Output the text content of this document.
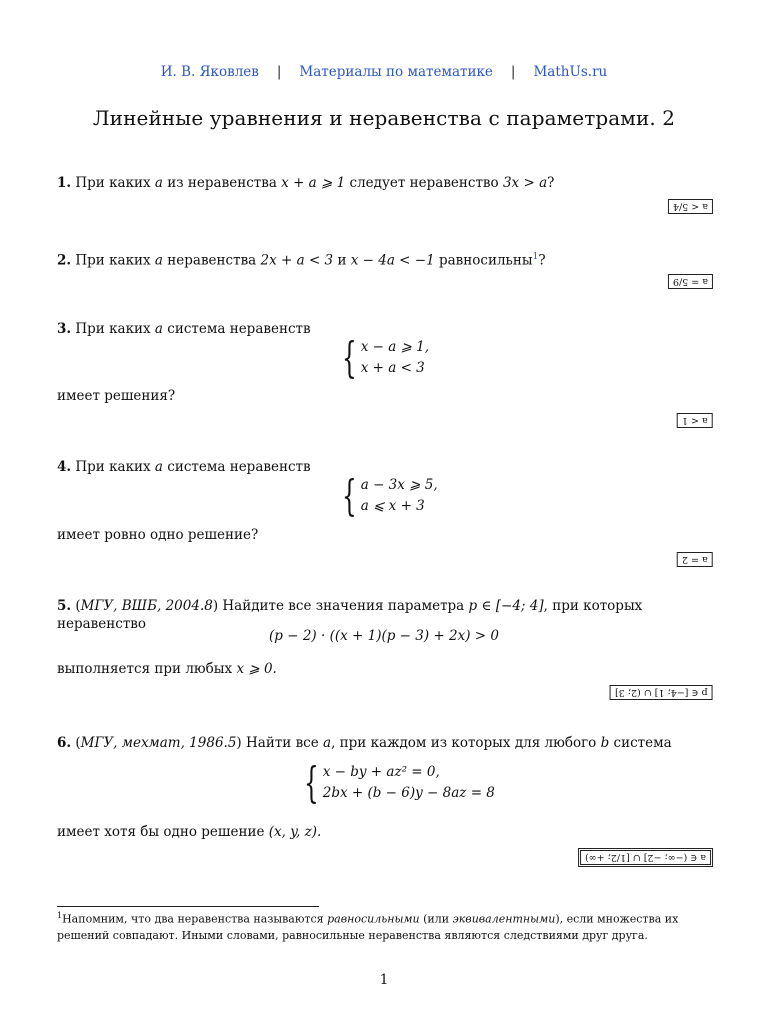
И. В. Яковлев | Материалы по математике | MathUs.ru
Линейные уравнения и неравенства с параметрами. 2
1. При каких a из неравенства x + a ⩾ 1 следует неравенство 3x > a?
a < 5/4
2. При каких a неравенства 2x + a < 3 и x − 4a < −1 равносильны$^1$?
a = 5/9
3. При каких a система неравенств
{ x − a ⩾ 1,
x + a < 3
имеет решения?
a < 1
4. При каких a система неравенств
{ a − 3x ⩾ 5,
a ⩽ x + 3
имеет ровно одно решение?
a = 2
5. (МГУ, ВШБ, 2004.8) Найдите все значения параметра p ∈ [−4; 4], при которых неравенство
(p − 2) · ((x + 1)(p − 3) + 2x) > 0
выполняется при любых x ⩾ 0.
p ∈ [−4; 1] ∪ (2; 3]
6. (МГУ, мехмат, 1986.5) Найти все a, при каждом из которых для любого b система
{ x − by + az² = 0,
2bx + (b − 6)y − 8az = 8
имеет хотя бы одно решение (x, y, z).
a ∈ (−∞; −2] ∪ [1/2; +∞)
$^1$Напомним, что два неравенства называются равносильными (или эквивалентными), если множества их
решений совпадают. Иными словами, равносильные неравенства являются следствиями друг друга.
1
